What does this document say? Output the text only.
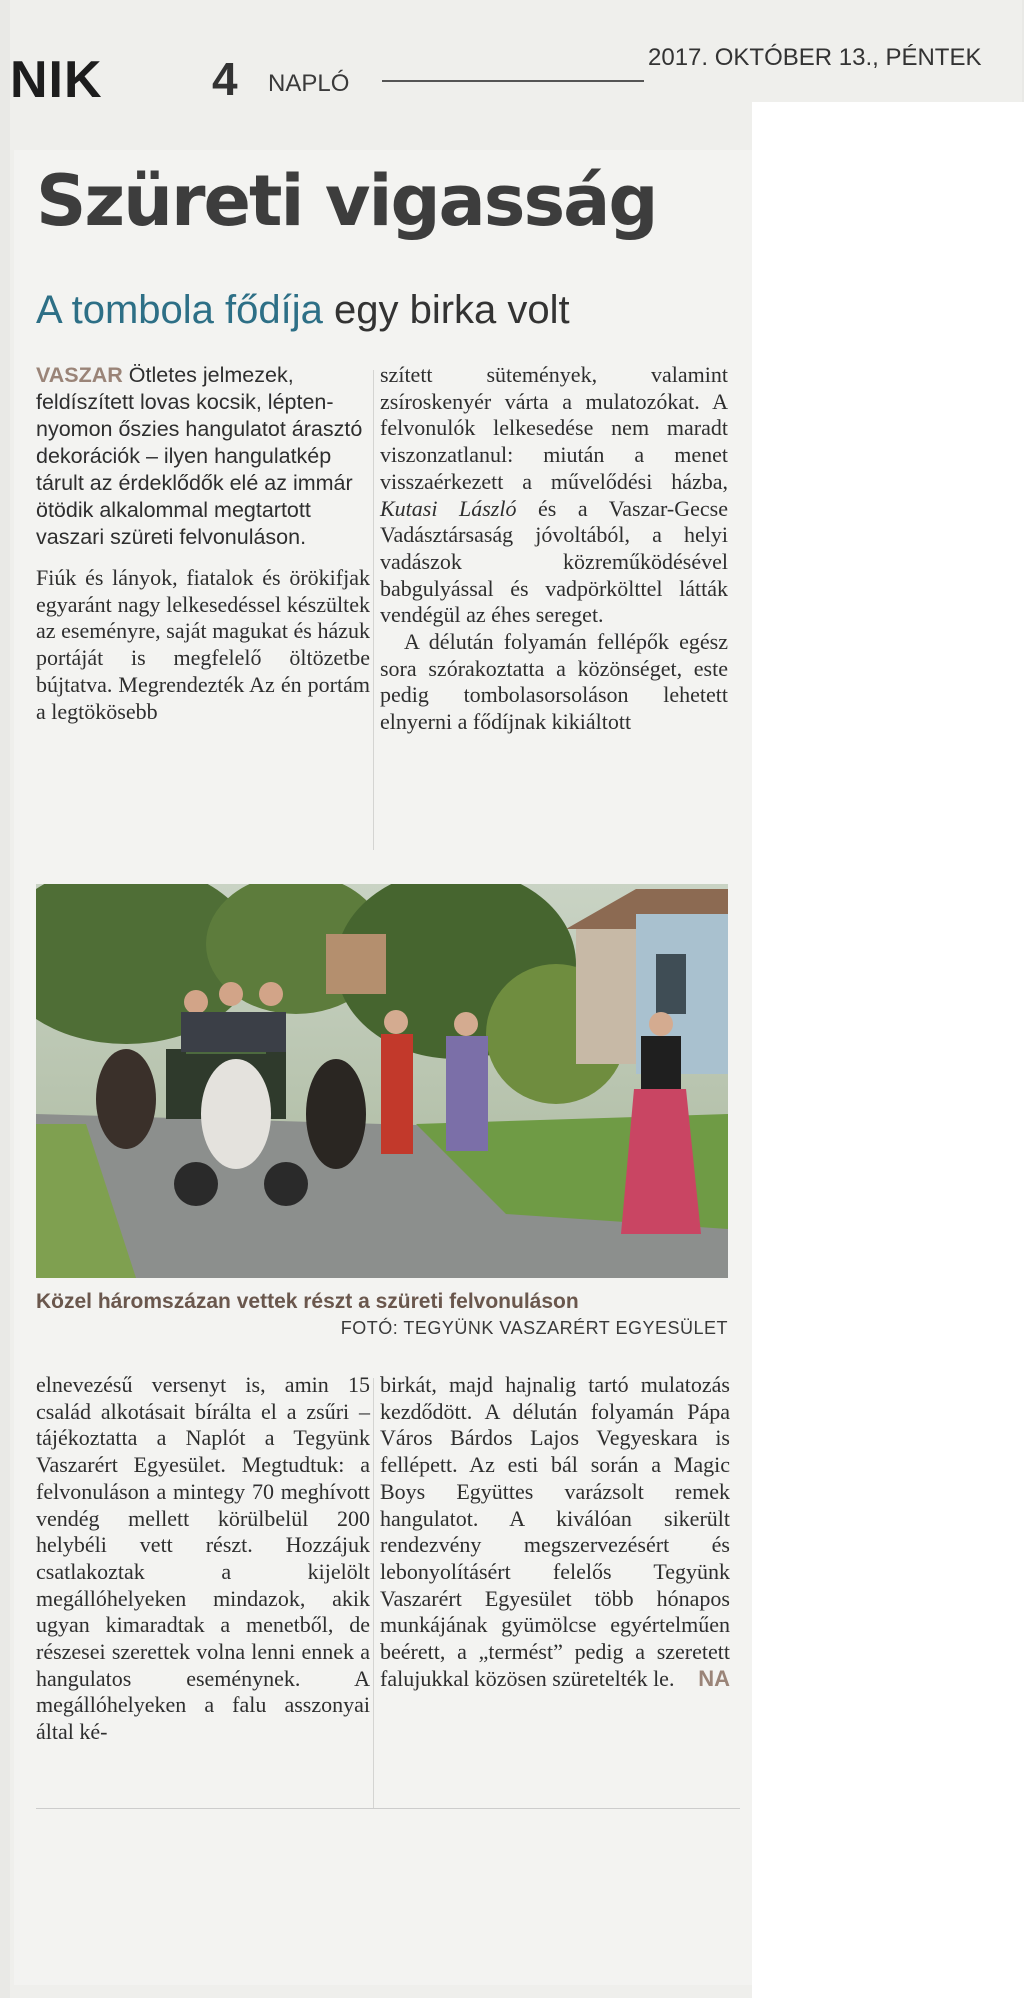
NIK 4 NAPLÓ
2017. OKTÓBER 13., PÉNTEK
Szüreti vigasság
A tombola fődíja egy birka volt

VASZAR Ötletes jelmezek, feldíszített lovas kocsik, lépten-nyomon őszies hangulatot árasztó dekorációk – ilyen hangulatkép tárult az érdeklődők elé az immár ötödik alkalommal megtartott vaszari szüreti felvonuláson.

Fiúk és lányok, fiatalok és örökifjak egyaránt nagy lelkesedéssel készültek az eseményre, saját magukat és házuk portáját is megfelelő öltözetbe bújtatva. Megrendezték Az én portám a legtökösebb

szített sütemények, valamint zsíroskenyér várta a mulatozókat. A felvonulók lelkesedése nem maradt viszonzatlanul: miután a menet visszaérkezett a művelődési házba, Kutasi László és a Vaszar-Gecse Vadásztársaság jóvoltából, a helyi vadászok közreműködésével babgulyással és vadpörkölttel látták vendégül az éhes sereget.

A délután folyamán fellépők egész sora szórakoztatta a közönséget, este pedig tombolasorsoláson lehetett elnyerni a fődíjnak kikiáltott

Közel háromszázan vettek részt a szüreti felvonuláson
FOTÓ: TEGYÜNK VASZARÉRT EGYESÜLET

elnevezésű versenyt is, amin 15 család alkotásait bírálta el a zsűri – tájékoztatta a Naplót a Tegyünk Vaszarért Egyesület. Megtudtuk: a felvonuláson a mintegy 70 meghívott vendég mellett körülbelül 200 helybéli vett részt. Hozzájuk csatlakoztak a kijelölt megállóhelyeken mindazok, akik ugyan kimaradtak a menetből, de részesei szerettek volna lenni ennek a hangulatos eseménynek. A megállóhelyeken a falu asszonyai által ké-

birkát, majd hajnalig tartó mulatozás kezdődött. A délután folyamán Pápa Város Bárdos Lajos Vegyeskara is fellépett. Az esti bál során a Magic Boys Együttes varázsolt remek hangulatot. A kiválóan sikerült rendezvény megszervezésért és lebonyolításért felelős Tegyünk Vaszarért Egyesület több hónapos munkájának gyümölcse egyértelműen beérett, a „termést” pedig a szeretett falujukkal közösen szüretelték le. NA
